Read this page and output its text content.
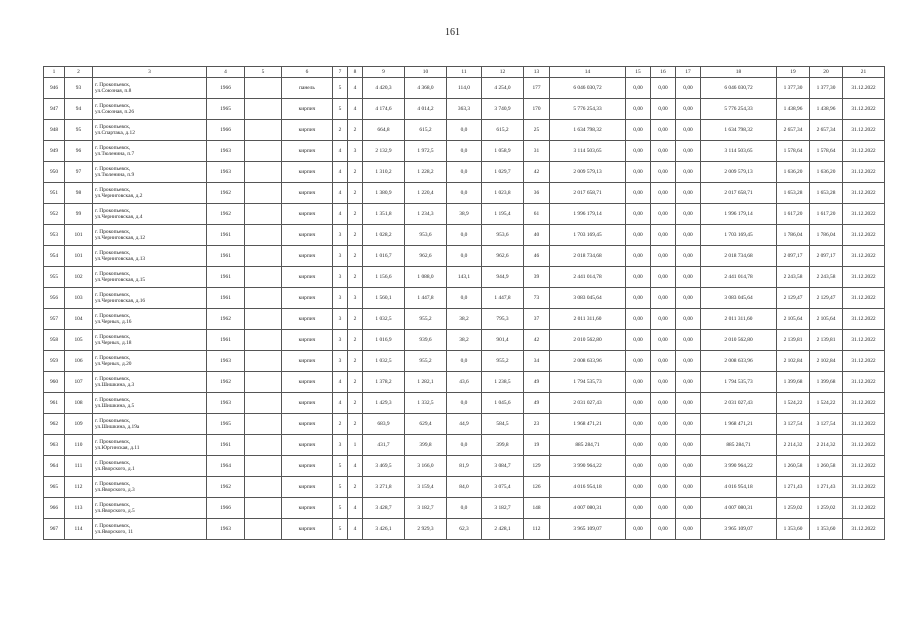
161
1	2	3	4	5	6	7	8	9	10	11	12	13	14	15	16	17	18	19	20	21
946	93	г. Прокопьевск,
ул.Союзная, п.8	1966		панель	5	4	4 420,3	4 368,0	114,0	4 254,0	177	6 046 030,72	0,00	0,00	0,00	6 046 030,72	1 377,30	1 377,30	31.12.2022
947	94	г. Прокопьевск,
ул.Союзная, п.26	1965		кирпич	5	4	4 174,6	4 014,2	363,3	3 740,9	170	5 776 254,33	0,00	0,00	0,00	5 776 254,33	1 438,96	1 438,96	31.12.2022
948	95	г. Прокопьевск,
ул.Спартака, д.12	1966		кирпич	2	2	664,8	615,2	0,0	615,2	25	1 634 798,32	0,00	0,00	0,00	1 634 798,32	2 657,34	2 657,34	31.12.2022
949	96	г. Прокопьевск,
ул.Тюленина, п.7	1963		кирпич	4	3	2 132,9	1 972,5	0,0	1 058,9	31	3 114 503,65	0,00	0,00	0,00	3 114 503,65	1 578,64	1 578,64	31.12.2022
950	97	г. Прокопьевск,
ул.Тюленина, п.9	1963		кирпич	4	2	1 310,2	1 228,2	0,0	1 029,7	42	2 009 579,13	0,00	0,00	0,00	2 009 579,13	1 636,20	1 636,20	31.12.2022
951	98	г. Прокопьевск,
ул.Черниговская, д.2	1962		кирпич	4	2	1 380,9	1 220,4	0,0	1 023,8	36	2 017 658,71	0,00	0,00	0,00	2 017 658,71	1 653,28	1 653,28	31.12.2022
952	99	г. Прокопьевск,
ул.Черниговская, д.4	1962		кирпич	4	2	1 351,8	1 234,3	38,9	1 195,4	61	1 996 179,14	0,00	0,00	0,00	1 996 179,14	1 617,20	1 617,20	31.12.2022
953	101	г. Прокопьевск,
ул.Черниговская, д.12	1961		кирпич	3	2	1 028,2	953,6	0,0	953,6	40	1 703 169,45	0,00	0,00	0,00	1 703 169,45	1 786,04	1 786,04	31.12.2022
954	101	г. Прокопьевск,
ул.Черниговская, д.13	1961		кирпич	3	2	1 016,7	962,6	0,0	962,6	46	2 018 734,68	0,00	0,00	0,00	2 018 734,68	2 097,17	2 097,17	31.12.2022
955	102	г. Прокопьевск,
ул.Черниговская, д.15	1961		кирпич	3	2	1 156,6	1 088,0	143,1	944,9	39	2 441 014,78	0,00	0,00	0,00	2 441 014,78	2 243,58	2 243,58	31.12.2022
956	103	г. Прокопьевск,
ул.Черниговская, д.16	1961		кирпич	3	3	1 560,1	1 447,8	0,0	1 447,8	73	3 083 045,64	0,00	0,00	0,00	3 083 045,64	2 129,47	2 129,47	31.12.2022
957	104	г. Прокопьевск,
ул.Черных, д.16	1962		кирпич	3	2	1 032,5	955,2	38,2	795,3	37	2 011 311,60	0,00	0,00	0,00	2 011 311,60	2 105,64	2 105,64	31.12.2022
958	105	г. Прокопьевск,
ул.Черных, д.18	1961		кирпич	3	2	1 016,9	939,6	38,2	901,4	42	2 010 562,80	0,00	0,00	0,00	2 010 562,80	2 139,81	2 139,81	31.12.2022
959	106	г. Прокопьевск,
ул.Черных, д.20	1963		кирпич	3	2	1 032,5	955,2	0,0	955,2	34	2 008 633,96	0,00	0,00	0,00	2 008 633,96	2 102,84	2 102,84	31.12.2022
960	107	г. Прокопьевск,
ул.Шишкина, д.3	1962		кирпич	4	2	1 378,2	1 282,1	43,6	1 238,5	49	1 794 535,73	0,00	0,00	0,00	1 794 535,73	1 399,68	1 399,68	31.12.2022
961	108	г. Прокопьевск,
ул.Шишкина, д.5	1963		кирпич	4	2	1 429,3	1 332,5	0,0	1 045,6	49	2 031 027,43	0,00	0,00	0,00	2 031 027,43	1 524,22	1 524,22	31.12.2022
962	109	г. Прокопьевск,
ул.Шишкина, д.19а	1965		кирпич	2	2	683,9	629,4	44,9	584,5	23	1 968 471,21	0,00	0,00	0,00	1 968 471,21	3 127,54	3 127,54	31.12.2022
963	110	г. Прокопьевск,
ул.Юргинская, д.11	1961		кирпич	3	1	431,7	399,8	0,0	399,8	19	885 284,71	0,00	0,00	0,00	885 284,71	2 214,32	2 214,32	31.12.2022
964	111	г. Прокопьевск,
ул.Яворского, д.1	1964		кирпич	5	4	3 469,5	3 166,0	81,9	3 084,7	129	3 990 964,22	0,00	0,00	0,00	3 990 964,22	1 260,58	1 260,58	31.12.2022
965	112	г. Прокопьевск,
ул.Яворского, д.3	1962		кирпич	5	2	3 271,8	3 159,4	84,0	3 075,4	126	4 016 954,18	0,00	0,00	0,00	4 016 954,18	1 271,43	1 271,43	31.12.2022
966	113	г. Прокопьевск,
ул.Яворского, д.5	1966		кирпич	5	4	3 428,7	3 182,7	0,0	3 182,7	148	4 007 080,31	0,00	0,00	0,00	4 007 080,31	1 259,02	1 259,02	31.12.2022
967	114	г. Прокопьевск,
ул.Яворского, 11	1963		кирпич	5	4	3 426,1	2 929,3	62,3	2 428,1	112	3 965 109,07	0,00	0,00	0,00	3 965 109,07	1 353,60	1 353,60	31.12.2022
